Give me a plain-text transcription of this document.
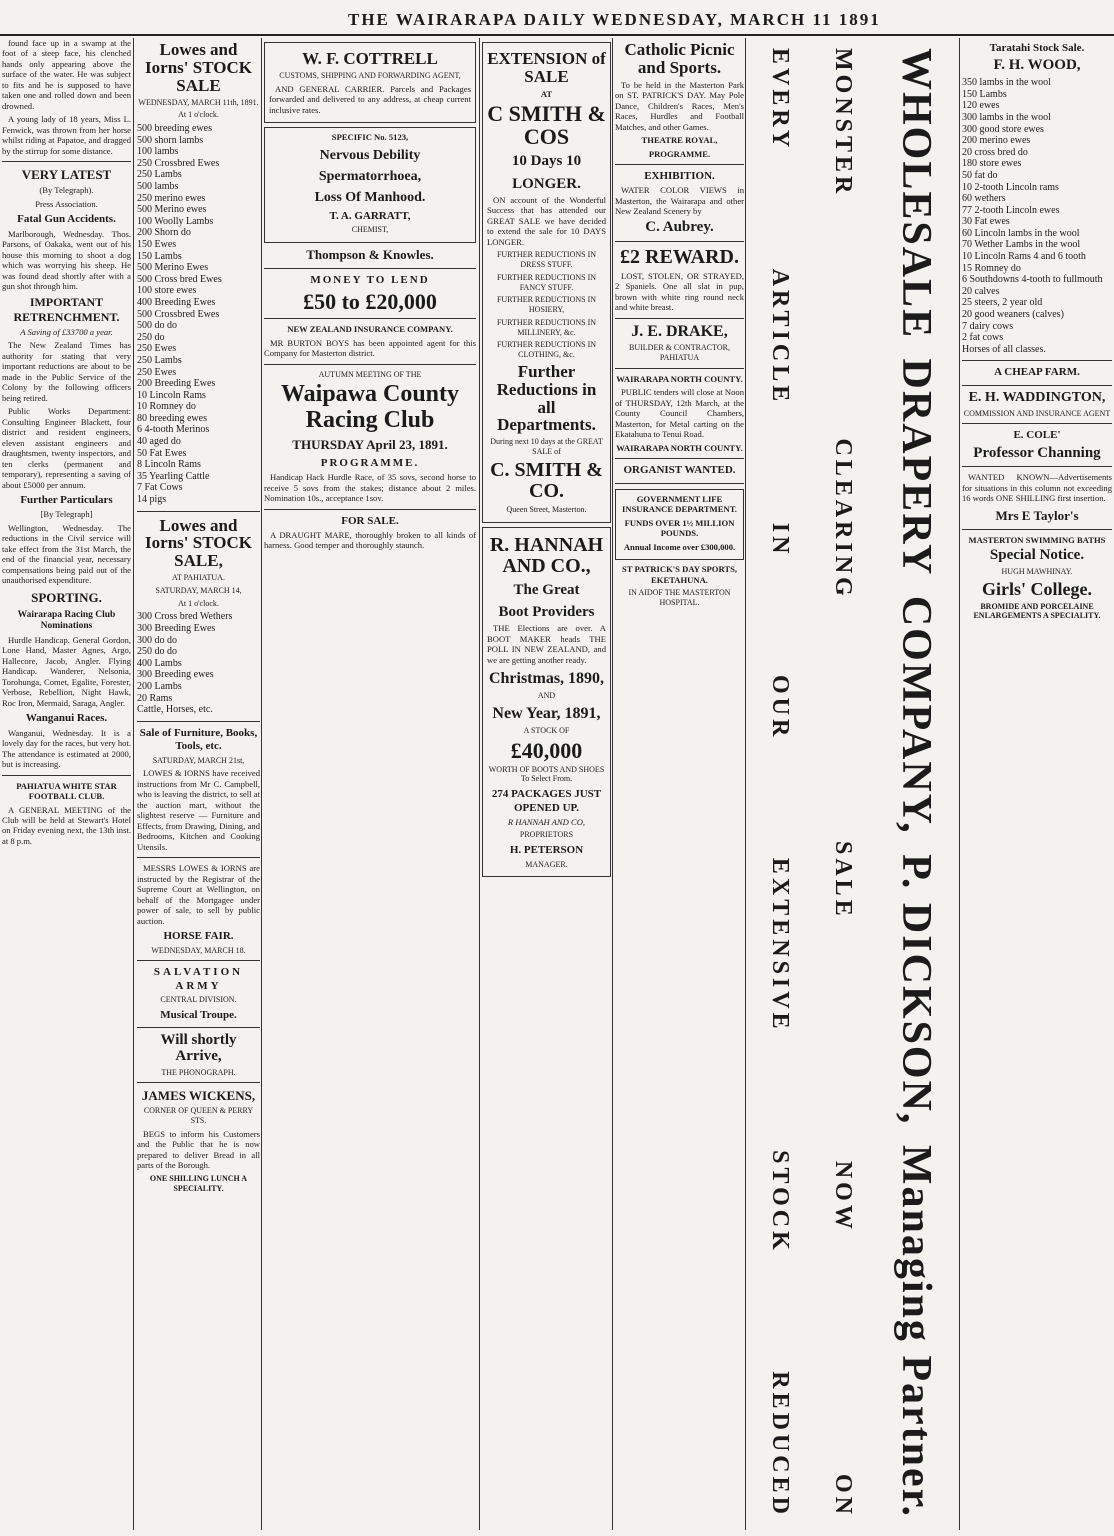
THE WAIRARAPA DAILY WEDNESDAY, MARCH 11 1891

found face up in a swamp at the foot of a steep face, his clenched hands only appearing above the surface of the water. He was subject to fits and he is supposed to have taken one and rolled down and been drowned.

A young lady of 18 years, Miss L. Fenwick, was thrown from her horse whilst riding at Papatoe, and dragged by the stirrup for some distance.

VERY LATEST

(By Telegraph).

Press Association.

Fatal Gun Accidents.

Marlborough, Wednesday. Thos. Parsons, of Oakaka, went out of his house this morning to shoot a dog which was worrying his sheep. He was found dead shortly after with a gun shot through him.

IMPORTANT RETRENCHMENT.

A Saving of £33700 a year.

The New Zealand Times has authority for stating that very important reductions are about to be made in the Public Service of the Colony by the following officers being retired.

Public Works Department: Consulting Engineer Blackett, four district and resident engineers, eleven assistant engineers and draughtsmen, twenty inspectors, and ten clerks (permanent and temporary), representing a saving of about £5000 per annum.

Further Particulars

[By Telegraph]

Wellington, Wednesday. The reductions in the Civil service will take effect from the 31st March, the end of the financial year, necessary compensations being paid out of the unauthorised expenditure.

SPORTING.
Wairarapa Racing Club Nominations

Hurdle Handicap. General Gordon, Lone Hand, Master Agnes, Argo, Hallecore, Jacob, Angler. Flying Handicap. Wanderer, Nelsonia, Torohunga, Comet, Egalite, Forester, Verbose, Rebellion, Night Hawk, Roc Iron, Mermaid, Saraga, Angler.

Wanganui Races.

Wanganui, Wednesday. It is a lovely day for the races, but very hot. The attendance is estimated at 2000, but is increasing.

PAHIATUA WHITE STAR FOOTBALL CLUB.

A GENERAL MEETING of the Club will be held at Stewart's Hotel on Friday evening next, the 13th inst. at 8 p.m.

Lowes and Iorns' STOCK SALE

WEDNESDAY, MARCH 11th, 1891.

At 1 o'clock.

500 breeding ewes
500 shorn lambs
100 lambs
250 Crossbred Ewes
250 Lambs
500 lambs
250 merino ewes
500 Merino ewes
100 Woolly Lambs
200 Shorn do
150 Ewes
150 Lambs
500 Merino Ewes
500 Cross bred Ewes
100 store ewes
400 Breeding Ewes
500 Crossbred Ewes
500 do do
250 do
250 Ewes
250 Lambs
250 Ewes
200 Breeding Ewes
10 Lincoln Rams
10 Romney do
80 breeding ewes
6 4-tooth Merinos
40 aged do
50 Fat Ewes
8 Lincoln Rams
35 Yearling Cattle
7 Fat Cows
14 pigs
Lowes and Iorns' STOCK SALE,

AT PAHIATUA.

SATURDAY, MARCH 14,

At 1 o'clock.

300 Cross bred Wethers
300 Breeding Ewes
300 do do
250 do do
400 Lambs
300 Breeding ewes
200 Lambs
20 Rams
Cattle, Horses, etc.
Sale of Furniture, Books, Tools, etc.

SATURDAY, MARCH 21st,

LOWES & IORNS have received instructions from Mr C. Campbell, who is leaving the district, to sell at the auction mart, without the slightest reserve — Furniture and Effects, from Drawing, Dining, and Bedrooms, Kitchen and Cooking Utensils.

MESSRS LOWES & IORNS are instructed by the Registrar of the Supreme Court at Wellington, on behalf of the Mortgagee under power of sale, to sell by public auction.

HORSE FAIR.

WEDNESDAY, MARCH 18.

SALVATION ARMY

CENTRAL DIVISION.

Musical Troupe.
Will shortly Arrive,

THE PHONOGRAPH.

JAMES WICKENS,

CORNER OF QUEEN & PERRY STS.

BEGS to inform his Customers and the Public that he is now prepared to deliver Bread in all parts of the Borough.

ONE SHILLING LUNCH A SPECIALITY.

W. F. COTTRELL

CUSTOMS, SHIPPING AND FORWARDING AGENT,

AND GENERAL CARRIER. Parcels and Packages forwarded and delivered to any address, at cheap current inclusive rates.

SPECIFIC No. 5123,

Nervous Debility
Spermatorrhoea,
Loss Of Manhood.
T. A. GARRATT,

CHEMIST,

Thompson & Knowles.
MONEY TO LEND
£50 to £20,000

NEW ZEALAND INSURANCE COMPANY.

MR BURTON BOYS has been appointed agent for this Company for Masterton district.

AUTUMN MEETING OF THE

Waipawa County Racing Club
THURSDAY April 23, 1891.
PROGRAMME.

Handicap Hack Hurdle Race, of 35 sovs, second horse to receive 5 sovs from the stakes; distance about 2 miles. Nomination 10s., acceptance 1sov.

FOR SALE.

A DRAUGHT MARE, thoroughly broken to all kinds of harness. Good temper and thoroughly staunch.

EXTENSION of SALE

AT

C SMITH & COS
10 Days 10
LONGER.

ON account of the Wonderful Success that has attended our GREAT SALE we have decided to extend the sale for 10 DAYS LONGER.

FURTHER REDUCTIONS IN DRESS STUFF.

FURTHER REDUCTIONS IN FANCY STUFF.

FURTHER REDUCTIONS IN HOSIERY,

FURTHER REDUCTIONS IN MILLINERY, &c.

FURTHER REDUCTIONS IN CLOTHING, &c.

Further Reductions in all Departments.

During next 10 days at the GREAT SALE of

C. SMITH & CO.

Queen Street, Masterton.

R. HANNAH AND CO.,
The Great
Boot Providers

THE Elections are over. A BOOT MAKER heads THE POLL IN NEW ZEALAND, and we are getting another ready.

Christmas, 1890,

AND

New Year, 1891,

A STOCK OF

£40,000

WORTH OF BOOTS AND SHOES To Select From.

274 PACKAGES JUST OPENED UP.

R HANNAH AND CO,

PROPRIETORS

H. PETERSON

MANAGER.

Catholic Picnic and Sports.

To be held in the Masterton Park on ST. PATRICK'S DAY. May Pole Dance, Children's Races, Men's Races, Hurdles and Football Matches, and other Games.

THEATRE ROYAL,

PROGRAMME.

EXHIBITION.

WATER COLOR VIEWS in Masterton, the Wairarapa and other New Zealand Scenery by

C. Aubrey.
£2 REWARD.

LOST, STOLEN, OR STRAYED, 2 Spaniels. One all slat in pup, brown with white ring round neck and white breast.

J. E. DRAKE,

BUILDER & CONTRACTOR, PAHIATUA

WAIRARAPA NORTH COUNTY.

PUBLIC tenders will close at Noon of THURSDAY, 12th March, at the County Council Chambers, Masterton, for Metal carting on the Ekatahuna to Tenui Road.

WAIRARAPA NORTH COUNTY.

ORGANIST WANTED.

GOVERNMENT LIFE INSURANCE DEPARTMENT.

FUNDS OVER 1½ MILLION POUNDS.

Annual Income over £300,000.

ST PATRICK'S DAY SPORTS, EKETAHUNA.

IN AIDOF THE MASTERTON HOSPITAL.

WHOLESALE
DRAPERY
COMPANY,
P. DICKSON,
Managing Partner.
MONSTER
CLEARING
SALE
NOW
ON
EVERY
ARTICLE
IN
OUR
EXTENSIVE
STOCK
REDUCED
Taratahi Stock Sale.
F. H. WOOD,
350 lambs in the wool
150 Lambs
120 ewes
300 lambs in the wool
300 good store ewes
200 merino ewes
20 cross bred do
180 store ewes
50 fat do
10 2-tooth Lincoln rams
60 wethers
77 2-tooth Lincoln ewes
30 Fat ewes
60 Lincoln lambs in the wool
70 Wether Lambs in the wool
10 Lincoln Rams 4 and 6 tooth
15 Romney do
6 Southdowns 4-tooth to fullmouth
20 calves
25 steers, 2 year old
20 good weaners (calves)
7 dairy cows
2 fat cows
Horses of all classes.
A CHEAP FARM.
E. H. WADDINGTON,

COMMISSION AND INSURANCE AGENT

E. COLE'
Professor Channing

WANTED KNOWN—Advertisements for situations in this column not exceeding 16 words ONE SHILLING first insertion.

Mrs E Taylor's

MASTERTON SWIMMING BATHS

Special Notice.

HUGH MAWHINAY.

Girls' College.

BROMIDE AND PORCELAINE ENLARGEMENTS A SPECIALITY.
